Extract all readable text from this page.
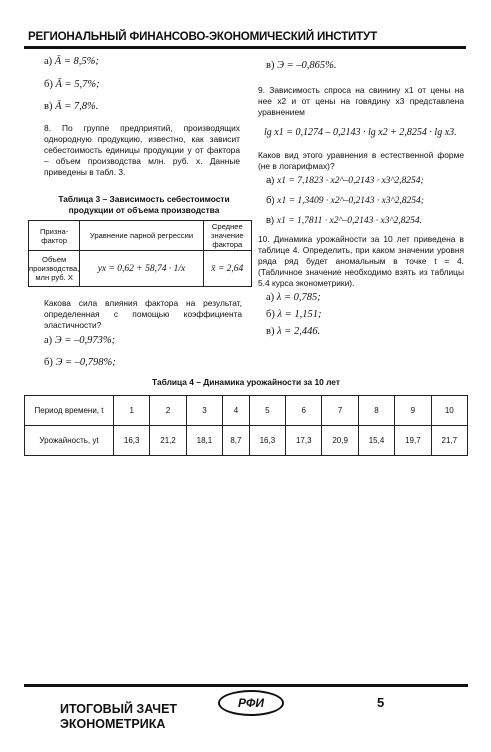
РЕГИОНАЛЬНЫЙ ФИНАНСОВО-ЭКОНОМИЧЕСКИЙ ИНСТИТУТ
а) Ā = 8,5%;
б) Ā = 5,7%;
в) Ā = 7,8%.
8. По группе предприятий, производящих однородную продукцию, известно, как зависит себестоимость единицы продукции y от фактора – объем производства млн. руб. x. Данные приведены в табл. 3.
Таблица 3 – Зависимость себестоимости продукции от объема производства
Призна-фактор	Уравнение парной регрессии	Среднее значение фактора
Объем производства, млн руб. X	yx = 0,62 + 58,74 · 1/x	x̄ = 2,64
Какова сила влияния фактора на результат, определенная с помощью коэффициента эластичности?
а) Э = –0,973%;
б) Э = –0,798%;
в) Э = –0,865%.
9. Зависимость спроса на свинину x1 от цены на нее x2 и от цены на говядину x3 представлена уравнением
lg x1 = 0,1274 – 0,2143 · lg x2 + 2,8254 · lg x3.
Каков вид этого уравнения в естественной форме (не в логарифмах)?
а) x1 = 7,1823 · x2^–0,2143 · x3^2,8254;
б) x1 = 1,3409 · x2^–0,2143 · x3^2,8254;
в) x1 = 1,7811 · x2^–0,2143 · x3^2,8254.
10. Динамика урожайности за 10 лет приведена в таблице 4. Определить, при каком значении уровня ряда ряд будет аномальным в точке t = 4. (Табличное значение необходимо взять из таблицы 5.4 курса эконометрики).
а) λ = 0,785;
б) λ = 1,151;
в) λ = 2,446.
Таблица 4 – Динамика урожайности за 10 лет
Период времени, t	1	2	3	4	5	6	7	8	9	10
Урожайность, yt	16,3	21,2	18,1	8,7	16,3	17,3	20,9	15,4	19,7	21,7
РФИ
ИТОГОВЫЙ ЗАЧЕТ
ЭКОНОМЕТРИКА
5
